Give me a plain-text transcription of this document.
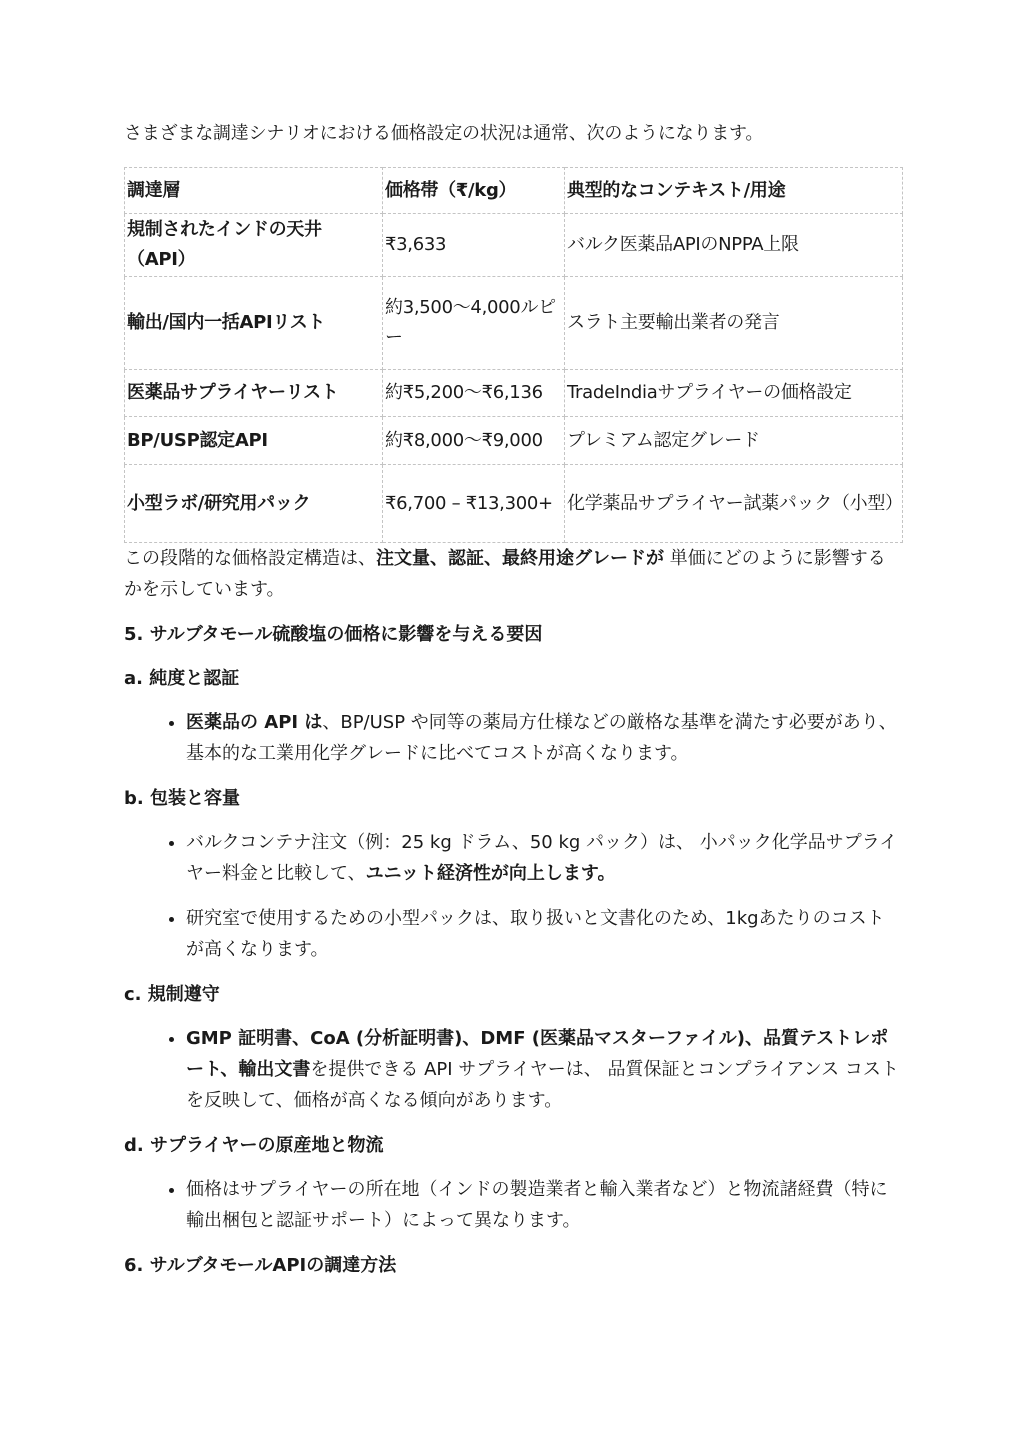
さまざまな調達シナリオにおける価格設定の状況は通常、次のようになります。

調達層	価格帯（₹/kg）	典型的なコンテキスト/用途
規制されたインドの天井（API）	₹3,633	バルク医薬品APIのNPPA上限
輸出/国内一括APIリスト	約3,500〜4,000ルピー	スラト主要輸出業者の発言
医薬品サプライヤーリスト	約₹5,200〜₹6,136	TradeIndiaサプライヤーの価格設定
BP/USP認定API	約₹8,000〜₹9,000	プレミアム認定グレード
小型ラボ/研究用パック	₹6,700 – ₹13,300+	化学薬品サプライヤー試薬パック（小型）

この段階的な価格設定構造は、注文量、認証、最終用途グレードが 単価にどのように影響するかを示しています。

5. サルブタモール硫酸塩の価格に影響を与える要因
a. 純度と認証
• 医薬品の API は、BP/USP や同等の薬局方仕様などの厳格な基準を満たす必要があり、基本的な工業用化学グレードに比べてコストが高くなります。
b. 包装と容量
• バルクコンテナ注文（例：25 kg ドラム、50 kg パック）は、 小パック化学品サプライヤー料金と比較して、ユニット経済性が向上します。
• 研究室で使用するための小型パックは、取り扱いと文書化のため、1kgあたりのコストが高くなります。
c. 規制遵守
• GMP 証明書、CoA (分析証明書)、DMF (医薬品マスターファイル)、品質テストレポート、輸出文書を提供できる API サプライヤーは、 品質保証とコンプライアンス コストを反映して、価格が高くなる傾向があります。
d. サプライヤーの原産地と物流
• 価格はサプライヤーの所在地（インドの製造業者と輸入業者など）と物流諸経費（特に輸出梱包と認証サポート）によって異なります。
6. サルブタモールAPIの調達方法
